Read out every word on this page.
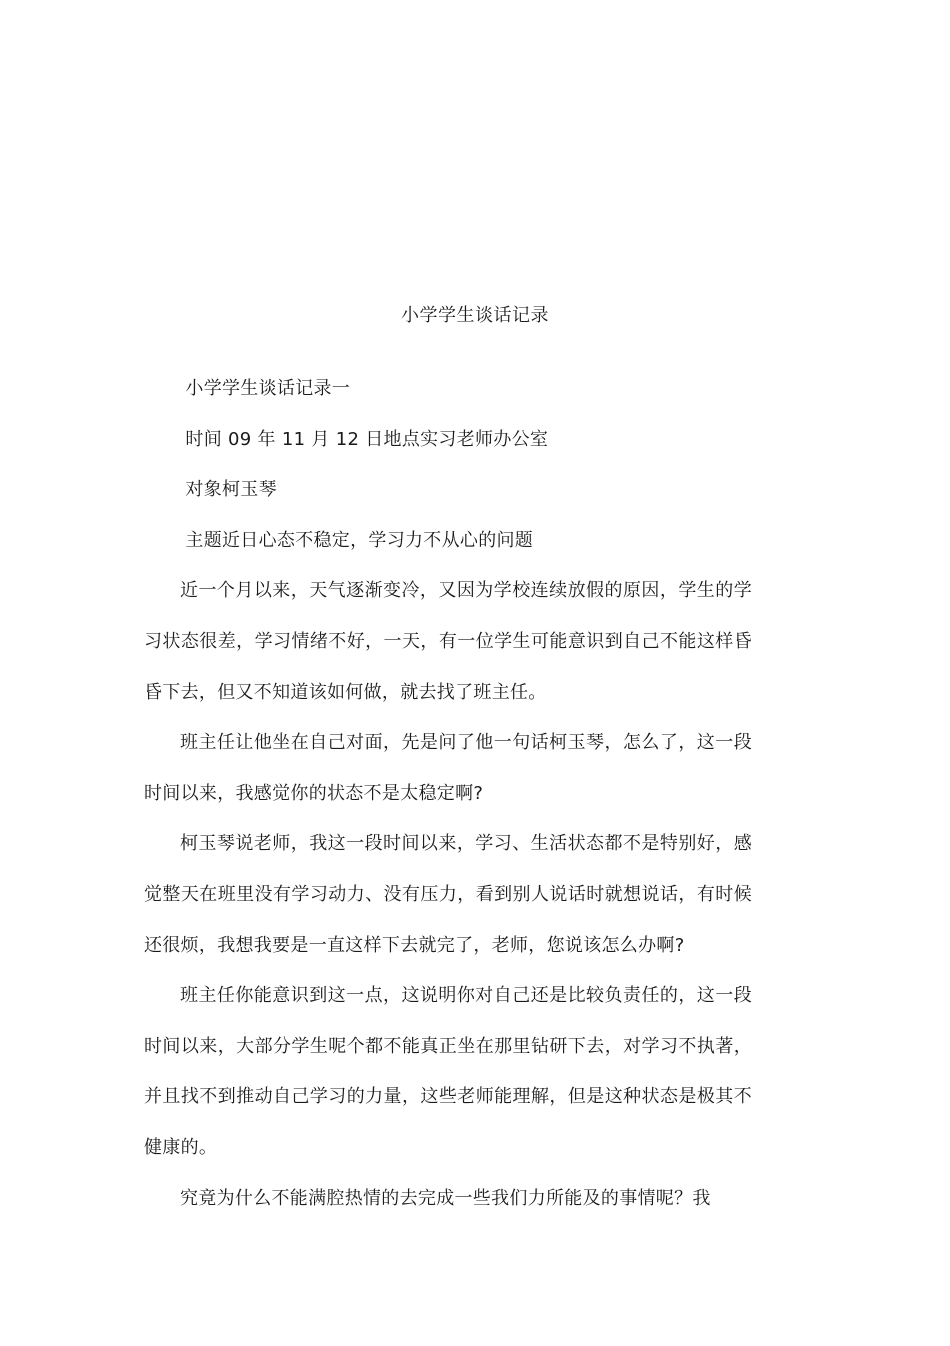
小学学生谈话记录

小学学生谈话记录一

时间 09 年 11 月 12 日地点实习老师办公室

对象柯玉琴

主题近日心态不稳定，学习力不从心的问题

近一个月以来，天气逐渐变冷，又因为学校连续放假的原因，学生的学习状态很差，学习情绪不好，一天，有一位学生可能意识到自己不能这样昏昏下去，但又不知道该如何做，就去找了班主任。

班主任让他坐在自己对面，先是问了他一句话柯玉琴，怎么了，这一段时间以来，我感觉你的状态不是太稳定啊?

柯玉琴说老师，我这一段时间以来，学习、生活状态都不是特别好，感觉整天在班里没有学习动力、没有压力，看到别人说话时就想说话，有时候还很烦，我想我要是一直这样下去就完了，老师，您说该怎么办啊?

班主任你能意识到这一点，这说明你对自己还是比较负责任的，这一段时间以来，大部分学生呢个都不能真正坐在那里钻研下去，对学习不执著，并且找不到推动自己学习的力量，这些老师能理解，但是这种状态是极其不健康的。

究竟为什么不能满腔热情的去完成一些我们力所能及的事情呢？我
